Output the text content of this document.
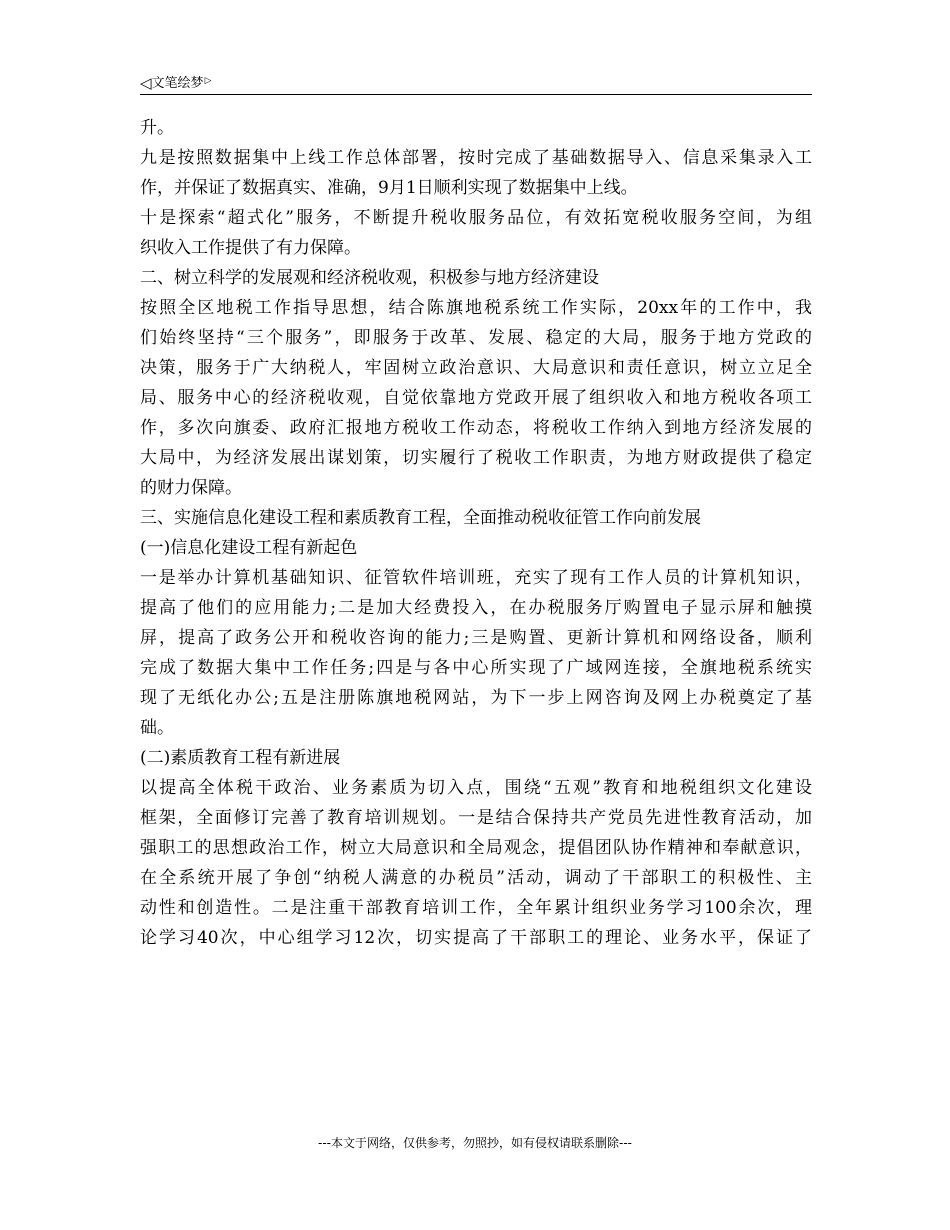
◁文笔绘梦▷
升。
九是按照数据集中上线工作总体部署，按时完成了基础数据导入、信息采集录入工
作，并保证了数据真实、准确，9月1日顺利实现了数据集中上线。
十是探索“超式化”服务，不断提升税收服务品位，有效拓宽税收服务空间，为组
织收入工作提供了有力保障。
二、树立科学的发展观和经济税收观，积极参与地方经济建设
按照全区地税工作指导思想，结合陈旗地税系统工作实际，20xx年的工作中，我
们始终坚持“三个服务”，即服务于改革、发展、稳定的大局，服务于地方党政的
决策，服务于广大纳税人，牢固树立政治意识、大局意识和责任意识，树立立足全
局、服务中心的经济税收观，自觉依靠地方党政开展了组织收入和地方税收各项工
作，多次向旗委、政府汇报地方税收工作动态，将税收工作纳入到地方经济发展的
大局中，为经济发展出谋划策，切实履行了税收工作职责，为地方财政提供了稳定
的财力保障。
三、实施信息化建设工程和素质教育工程，全面推动税收征管工作向前发展
(一)信息化建设工程有新起色
一是举办计算机基础知识、征管软件培训班，充实了现有工作人员的计算机知识，
提高了他们的应用能力;二是加大经费投入，在办税服务厅购置电子显示屏和触摸
屏，提高了政务公开和税收咨询的能力;三是购置、更新计算机和网络设备，顺利
完成了数据大集中工作任务;四是与各中心所实现了广域网连接，全旗地税系统实
现了无纸化办公;五是注册陈旗地税网站，为下一步上网咨询及网上办税奠定了基
础。
(二)素质教育工程有新进展
以提高全体税干政治、业务素质为切入点，围绕“五观”教育和地税组织文化建设
框架，全面修订完善了教育培训规划。一是结合保持共产党员先进性教育活动，加
强职工的思想政治工作，树立大局意识和全局观念，提倡团队协作精神和奉献意识，
在全系统开展了争创“纳税人满意的办税员”活动，调动了干部职工的积极性、主
动性和创造性。二是注重干部教育培训工作，全年累计组织业务学习100余次，理
论学习40次，中心组学习12次，切实提高了干部职工的理论、业务水平，保证了
---本文于网络，仅供参考，勿照抄，如有侵权请联系删除---
